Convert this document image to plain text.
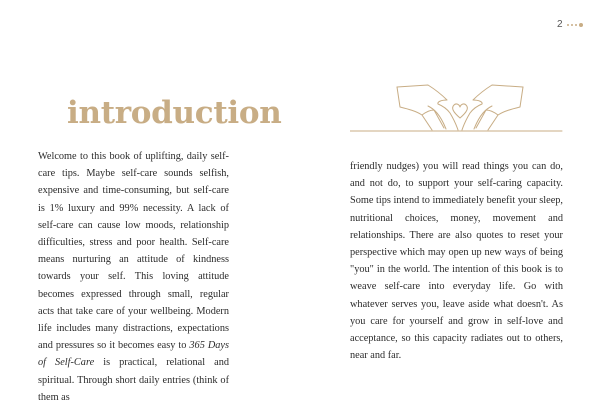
2
introduction
Welcome to this book of uplifting, daily self-care tips. Maybe self-care sounds selfish, expensive and time-consuming, but self-care is 1% luxury and 99% necessity. A lack of self-care can cause low moods, relationship difficulties, stress and poor health. Self-care means nurturing an attitude of kindness towards your self. This loving attitude becomes expressed through small, regular acts that take care of your wellbeing. Modern life includes many distractions, expectations and pressures so it becomes easy to 365 Days of Self-Care is practical, relational and spiritual. Through short daily entries (think of them as
friendly nudges) you will read things you can do, and not do, to support your self-caring capacity. Some tips intend to immediately benefit your sleep, nutritional choices, money, movement and relationships. There are also quotes to reset your perspective which may open up new ways of being "you" in the world. The intention of this book is to weave self-care into everyday life. Go with whatever serves you, leave aside what doesn't. As you care for yourself and grow in self-love and acceptance, so this capacity radiates out to others, near and far.
